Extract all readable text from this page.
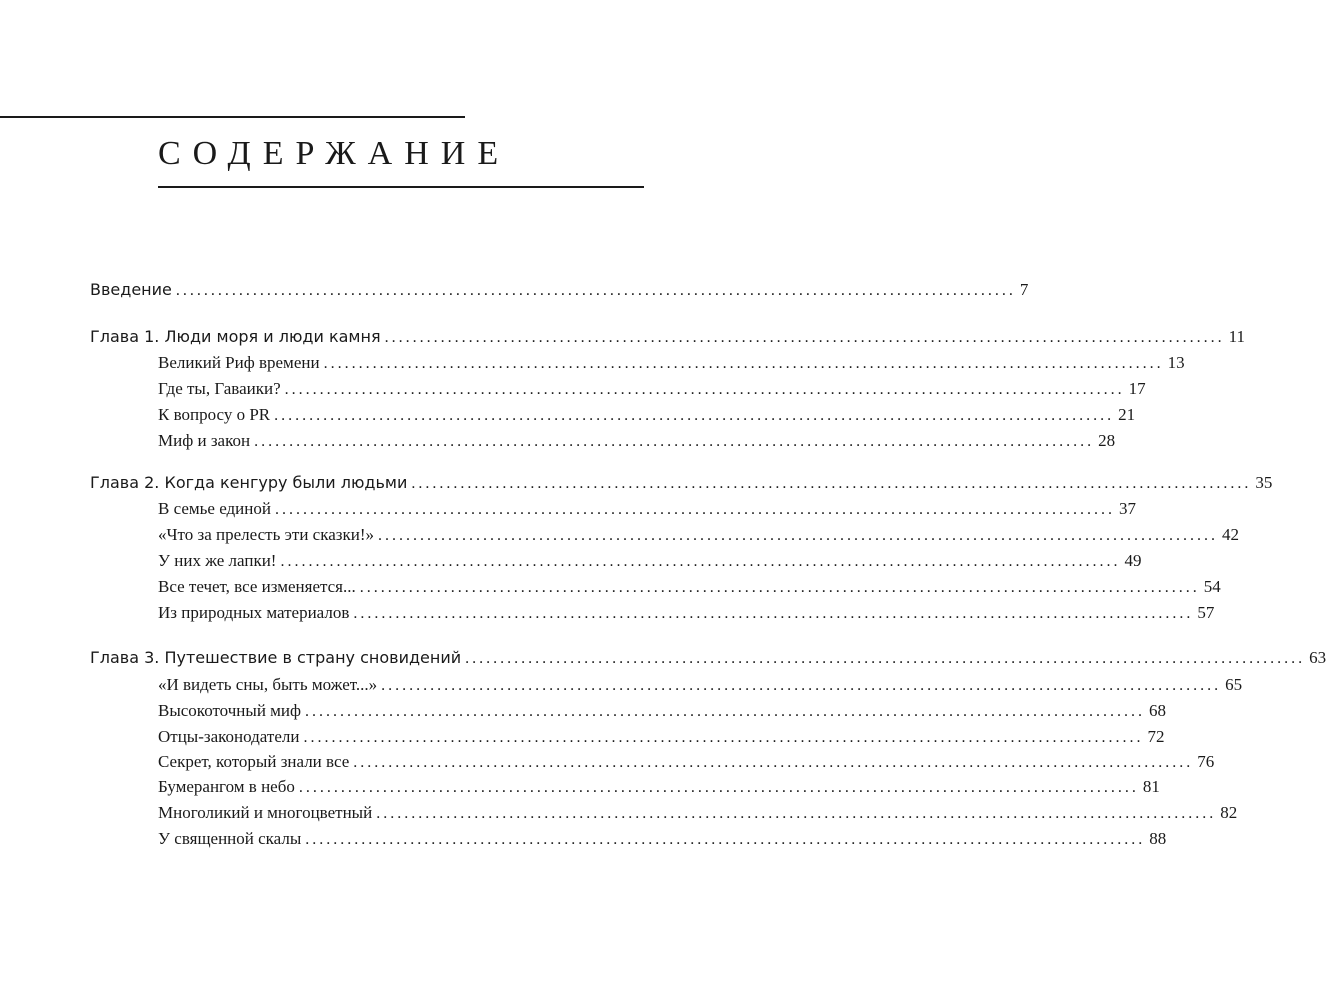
СОДЕРЖАНИЕ
Введение ........................................................................................................................ 7
Глава 1. Люди моря и люди камня ........................................................................................................................ 11
Великий Риф времени ........................................................................................................................ 13
Где ты, Гаваики? ........................................................................................................................ 17
К вопросу о PR ........................................................................................................................ 21
Миф и закон ........................................................................................................................ 28
Глава 2. Когда кенгуру были людьми ........................................................................................................................ 35
В семье единой ........................................................................................................................ 37
«Что за прелесть эти сказки!» ........................................................................................................................ 42
У них же лапки! ........................................................................................................................ 49
Все течет, все изменяется... ........................................................................................................................ 54
Из природных материалов ........................................................................................................................ 57
Глава 3. Путешествие в страну сновидений ........................................................................................................................ 63
«И видеть сны, быть может...» ........................................................................................................................ 65
Высокоточный миф ........................................................................................................................ 68
Отцы-законодатели ........................................................................................................................ 72
Секрет, который знали все ........................................................................................................................ 76
Бумерангом в небо ........................................................................................................................ 81
Многоликий и многоцветный ........................................................................................................................ 82
У священной скалы ........................................................................................................................ 88
